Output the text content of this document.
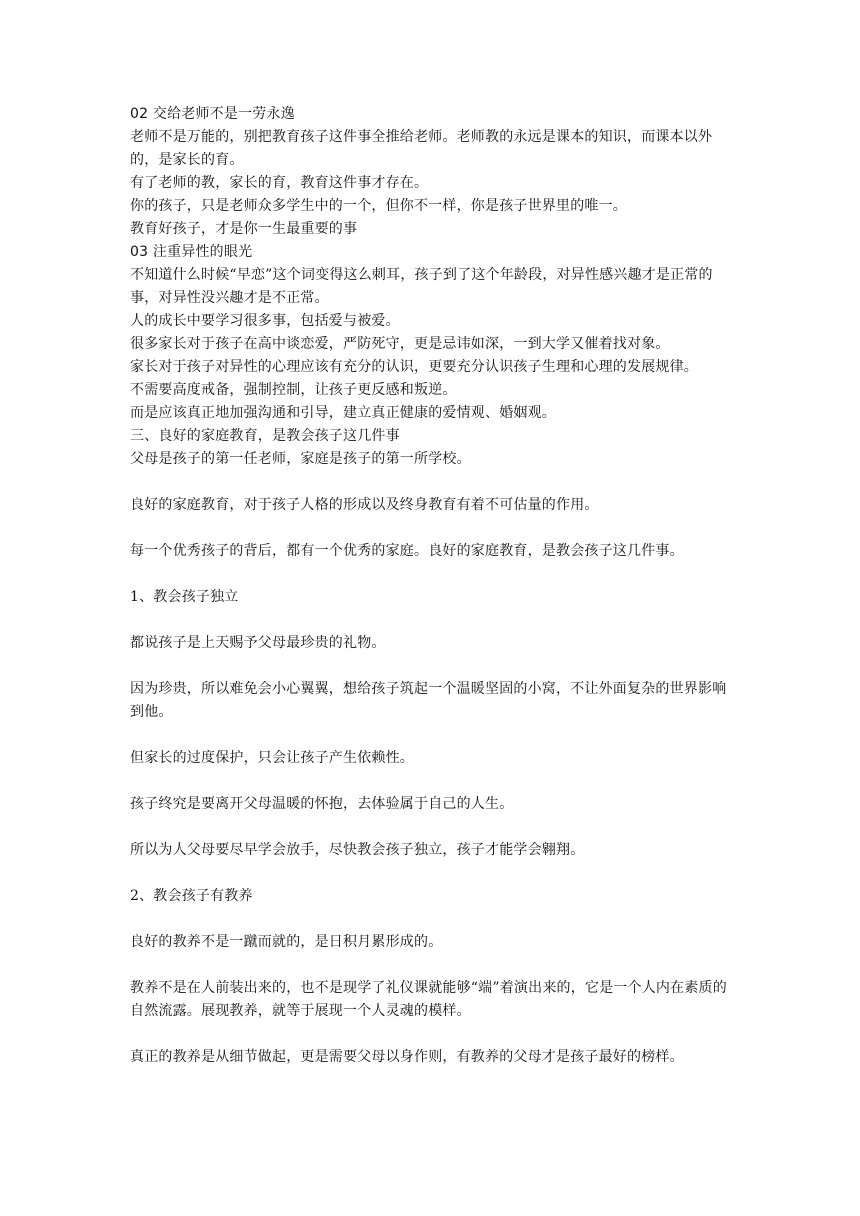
02 交给老师不是一劳永逸

老师不是万能的，别把教育孩子这件事全推给老师。老师教的永远是课本的知识，而课本以外的，是家长的育。

有了老师的教，家长的育，教育这件事才存在。

你的孩子，只是老师众多学生中的一个，但你不一样，你是孩子世界里的唯一。

教育好孩子，才是你一生最重要的事

03 注重异性的眼光

不知道什么时候“早恋”这个词变得这么刺耳，孩子到了这个年龄段，对异性感兴趣才是正常的事，对异性没兴趣才是不正常。

人的成长中要学习很多事，包括爱与被爱。

很多家长对于孩子在高中谈恋爱，严防死守，更是忌讳如深，一到大学又催着找对象。

家长对于孩子对异性的心理应该有充分的认识，更要充分认识孩子生理和心理的发展规律。

不需要高度戒备，强制控制，让孩子更反感和叛逆。

而是应该真正地加强沟通和引导，建立真正健康的爱情观、婚姻观。

三、良好的家庭教育，是教会孩子这几件事

父母是孩子的第一任老师，家庭是孩子的第一所学校。

良好的家庭教育，对于孩子人格的形成以及终身教育有着不可估量的作用。

每一个优秀孩子的背后，都有一个优秀的家庭。良好的家庭教育，是教会孩子这几件事。

1、教会孩子独立

都说孩子是上天赐予父母最珍贵的礼物。

因为珍贵，所以难免会小心翼翼，想给孩子筑起一个温暖坚固的小窝，不让外面复杂的世界影响到他。

但家长的过度保护，只会让孩子产生依赖性。

孩子终究是要离开父母温暖的怀抱，去体验属于自己的人生。

所以为人父母要尽早学会放手，尽快教会孩子独立，孩子才能学会翱翔。

2、教会孩子有教养

良好的教养不是一蹴而就的，是日积月累形成的。

教养不是在人前装出来的，也不是现学了礼仪课就能够“端”着演出来的，它是一个人内在素质的自然流露。展现教养，就等于展现一个人灵魂的模样。

真正的教养是从细节做起，更是需要父母以身作则，有教养的父母才是孩子最好的榜样。
